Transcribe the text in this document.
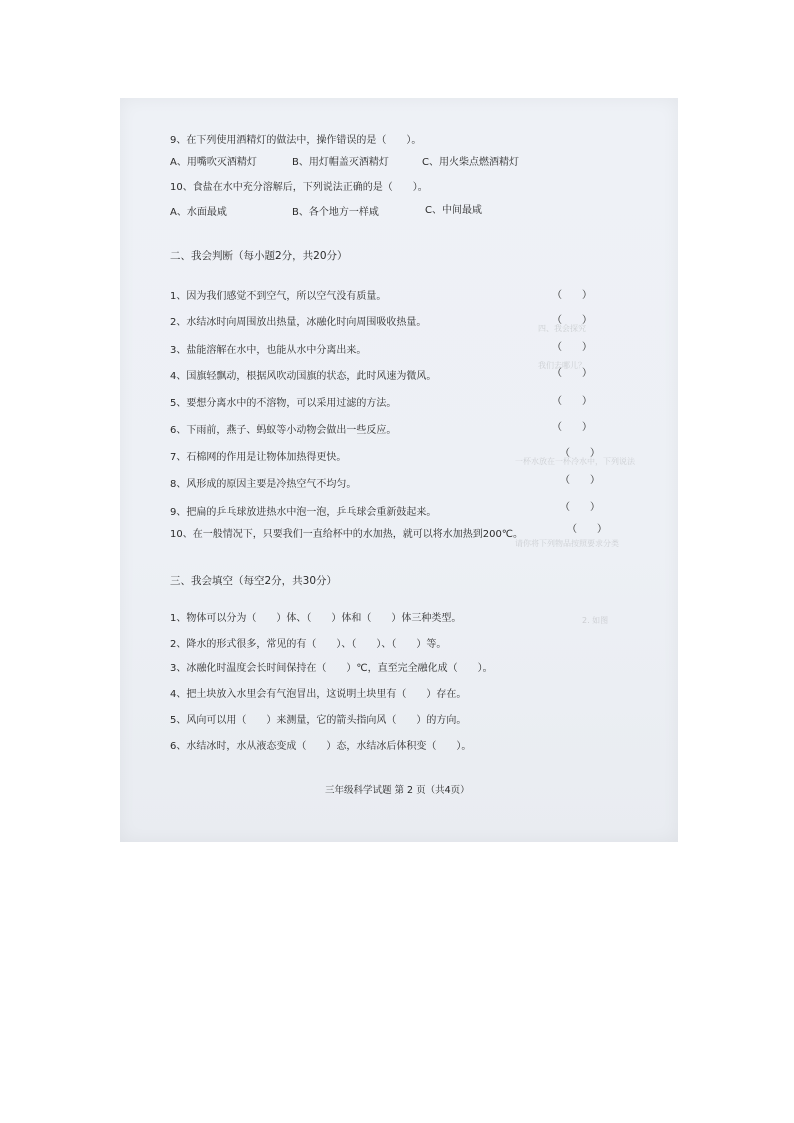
四、我会探究
我们去哪儿？
一杯水放在一杯冷水中，下列说法
请你将下列物品按照要求分类
2. 如图
9、在下列使用酒精灯的做法中，操作错误的是（　　）。
A、用嘴吹灭酒精灯	B、用灯帽盖灭酒精灯	C、用火柴点燃酒精灯
10、食盐在水中充分溶解后，下列说法正确的是（　　）。
A、水面最咸	B、各个地方一样咸	C、中间最咸
二、我会判断（每小题2分，共20分）
1、因为我们感觉不到空气，所以空气没有质量。	（　　）
2、水结冰时向周围放出热量，冰融化时向周围吸收热量。	（　　）
3、盐能溶解在水中，也能从水中分离出来。	（　　）
4、国旗轻飘动，根据风吹动国旗的状态，此时风速为微风。	（　　）
5、要想分离水中的不溶物，可以采用过滤的方法。	（　　）
6、下雨前，燕子、蚂蚁等小动物会做出一些反应。	（　　）
7、石棉网的作用是让物体加热得更快。	（　　）
8、风形成的原因主要是冷热空气不均匀。	（　　）
9、把扁的乒乓球放进热水中泡一泡，乒乓球会重新鼓起来。	（　　）
10、在一般情况下，只要我们一直给杯中的水加热，就可以将水加热到200℃。	（　　）
三、我会填空（每空2分，共30分）
1、物体可以分为（　　）体、（　　）体和（　　）体三种类型。
2、降水的形式很多，常见的有（　　）、（　　）、（　　）等。
3、冰融化时温度会长时间保持在（　　）℃，直至完全融化成（　　）。
4、把土块放入水里会有气泡冒出，这说明土块里有（　　）存在。
5、风向可以用（　　）来测量，它的箭头指向风（　　）的方向。
6、水结冰时，水从液态变成（　　）态，水结冰后体积变（　　）。
三年级科学试题 第 2 页（共4页）
